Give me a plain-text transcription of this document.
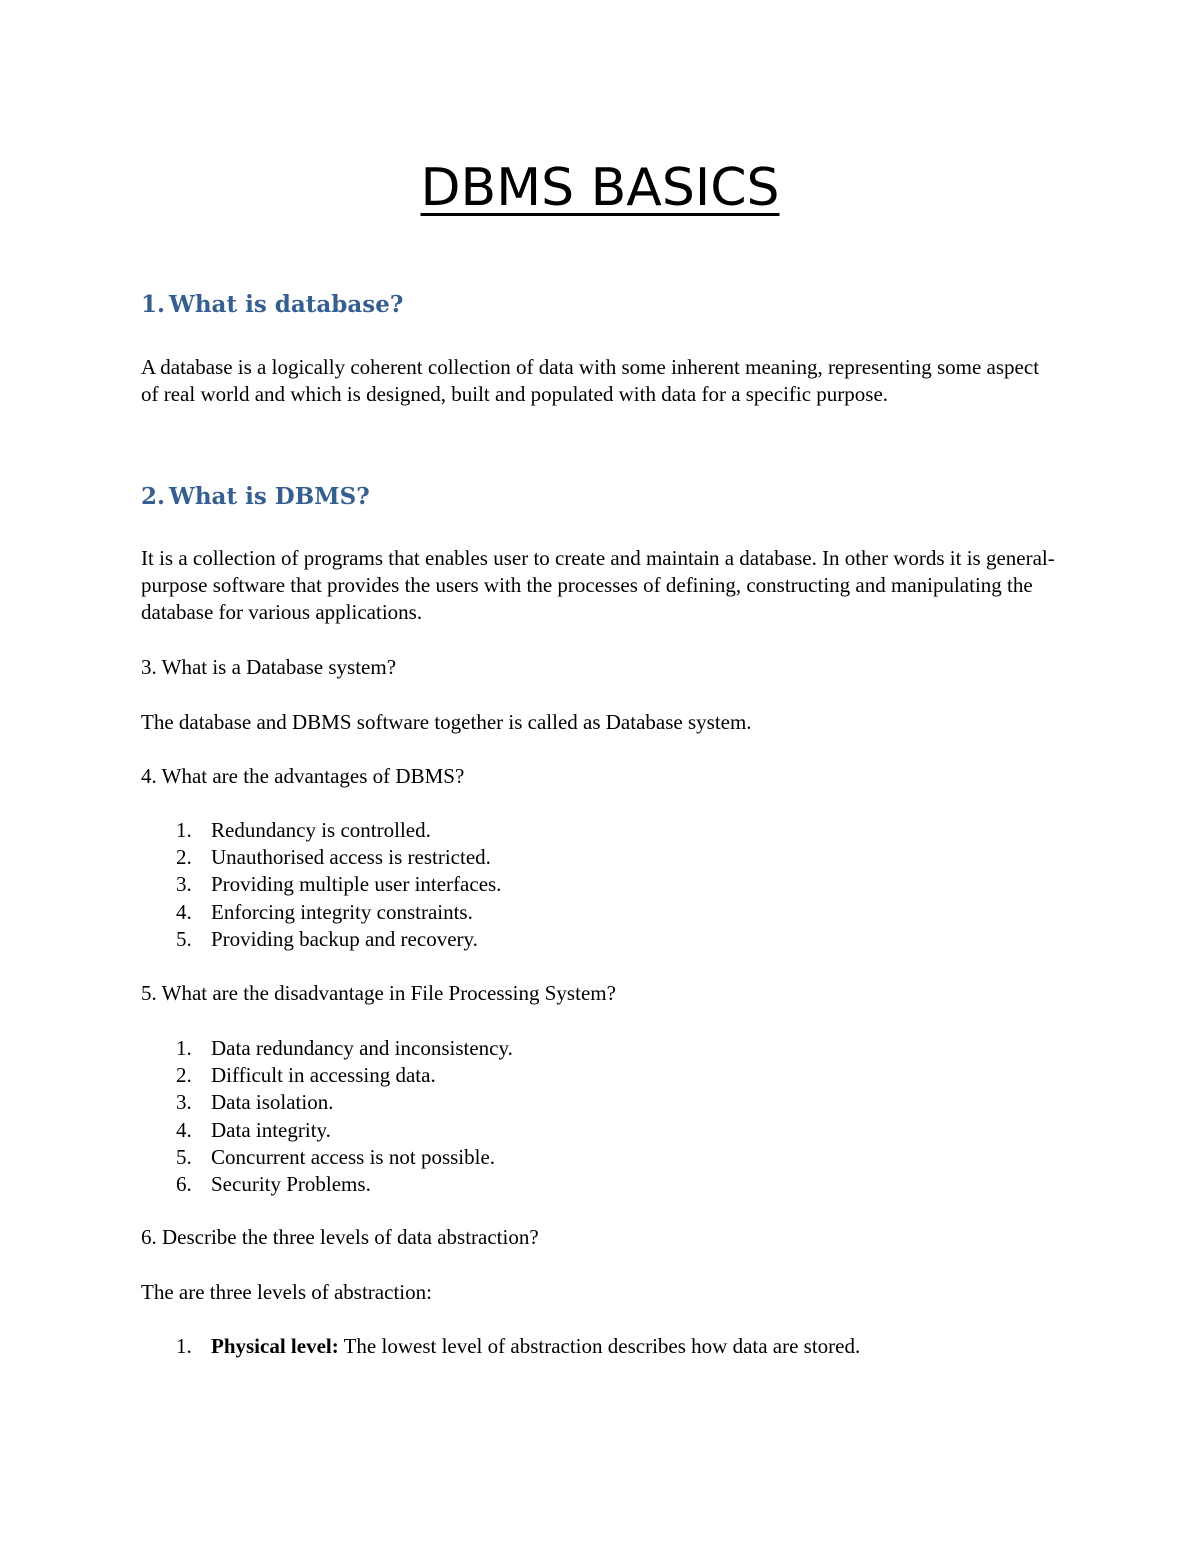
DBMS BASICS
1. What is database?

A database is a logically coherent collection of data with some inherent meaning, representing some aspect of real world and which is designed, built and populated with data for a specific purpose.

2. What is DBMS?

It is a collection of programs that enables user to create and maintain a database. In other words it is general-purpose software that provides the users with the processes of defining, constructing and manipulating the database for various applications.

3. What is a Database system?

The database and DBMS software together is called as Database system.

4. What are the advantages of DBMS?

1. Redundancy is controlled.
2. Unauthorised access is restricted.
3. Providing multiple user interfaces.
4. Enforcing integrity constraints.
5. Providing backup and recovery.

5. What are the disadvantage in File Processing System?

1. Data redundancy and inconsistency.
2. Difficult in accessing data.
3. Data isolation.
4. Data integrity.
5. Concurrent access is not possible.
6. Security Problems.

6. Describe the three levels of data abstraction?

The are three levels of abstraction:

1. Physical level: The lowest level of abstraction describes how data are stored.
